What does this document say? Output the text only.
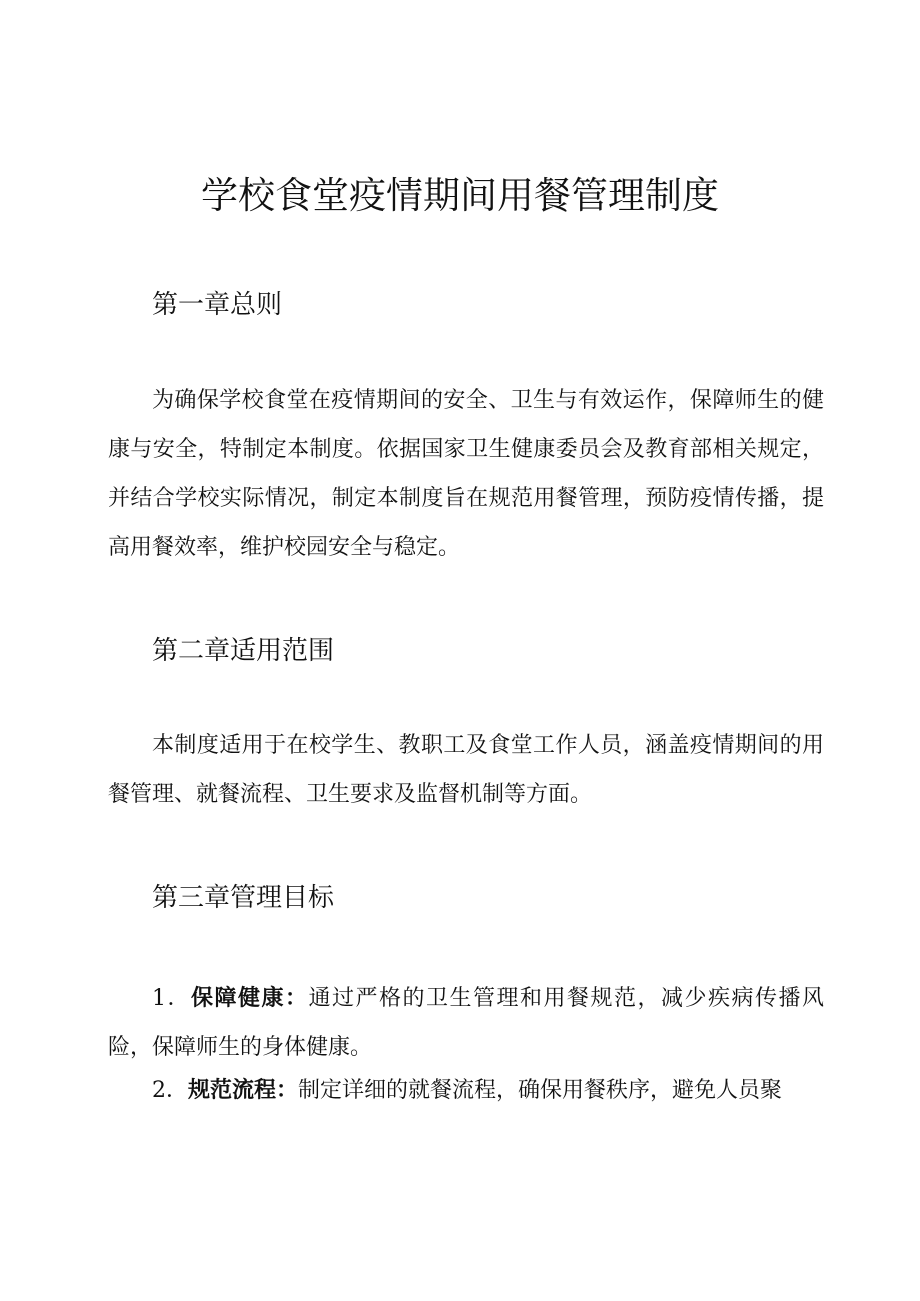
学校食堂疫情期间用餐管理制度
第一章总则

为确保学校食堂在疫情期间的安全、卫生与有效运作，保障师生的健康与安全，特制定本制度。依据国家卫生健康委员会及教育部相关规定，并结合学校实际情况，制定本制度旨在规范用餐管理，预防疫情传播，提高用餐效率，维护校园安全与稳定。

第二章适用范围

本制度适用于在校学生、教职工及食堂工作人员，涵盖疫情期间的用餐管理、就餐流程、卫生要求及监督机制等方面。

第三章管理目标

1．保障健康：通过严格的卫生管理和用餐规范，减少疾病传播风险，保障师生的身体健康。

2．规范流程：制定详细的就餐流程，确保用餐秩序，避免人员聚
